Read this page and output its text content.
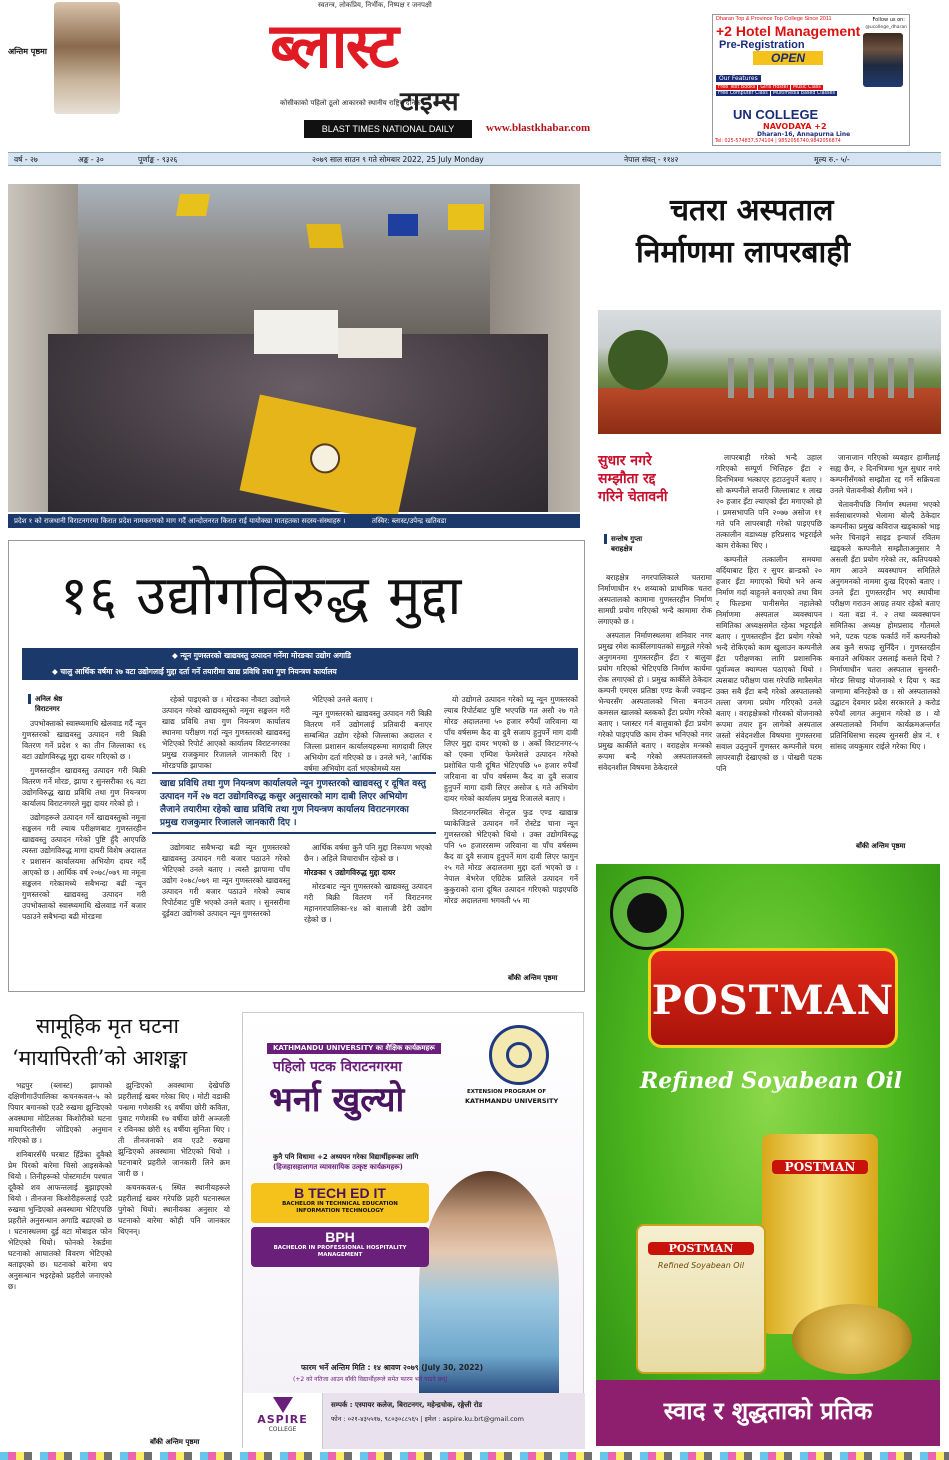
अन्तिम पृष्ठमा
स्वतन्त्र, लोकप्रिय, निर्भीक, निष्पक्ष र जनपक्षी
ब्लास्ट
टाइम्स
कोसीकाको पहिलो ठूलो आकारको स्थानीय राष्ट्रिय दैनिक
BLAST TIMES NATIONAL DAILY	www.blastkhabar.com
Dharan Top & Province Top College Since 2011	Follow us on:
@ucollege_dharan
+2 Hotel Management
Pre-Registration
OPEN
Our Features
Free Text Books	Girls Hostel	Music Class
Free Computer Class	Multimedia based Classes
UN COLLEGE
NAVODAYA +2
Dharan-16, Annapurna Line
Tel: 025-574837,574104 | 9852056740,9842056874
वर्ष - २७	अङ्क - ३०	पूर्णाङ्क - ९३२६	२०७९ साल साउन ९ गते सोमबार 2022, 25 July Monday	नेपाल संवत् - ११४२	मूल्य रु.- ५/-
प्रदेश १ को राजधानी विराटनगरमा किरात प्रदेश नामकरणको माग गर्दै आन्दोलनरत किरात राई यायोक्खा मातहतका सदस्य-संस्थाहरु ।	तस्विर: ब्लास्ट/उपेन्द्र खतिवडा
चतरा अस्पताल
निर्माणमा लापरबाही
सुधार नगरे
सम्झौता रद्द
गरिने चेतावनी
सन्तोष गुप्ता
बराहक्षेत्र

बराहक्षेत्र नगरपालिकाले चतरामा निर्माणाधीन १५ शय्याको प्राथमिक चतरा अस्पतालको कामामा गुणस्तरहीन निर्माण सामग्री प्रयोग गरिएको भन्दै कामामा रोक लगाएको छ ।

अस्पताल निर्माणस्थलमा शनिवार नगर प्रमुख रमेश कार्कीलगायतको समूहले गरेको अनुगमनमा गुणस्तरहीन इँटा र बालुवा प्रयोग गरिएको भेटिएपछि निर्माण कार्यमा रोक लगाएको हो । प्रमुख कार्कीले ठेकेदार कम्पनी एमएस प्रतिष्ठा एण्ड केजी ज्वाइन्ट भेन्चरसँग अस्पतालको भित्ता बनाउन कमसल खालको ब्लकको इँटा प्रयोग गरेको बताए । प्लास्टर गर्न बालुवाको इँटा प्रयोग गरेको पाइएपछि काम रोक्न भनिएको नगर प्रमुख कार्कीले बताए । वराहक्षेत्र मन्त्रको रूपमा बन्दै गरेको अस्पतालजस्तो संवेदनशील विषयमा ठेकेदारले

लापरबाही गरेको भन्दै उहाल गरिएको सम्पूर्ण भित्तिहरु इँटा २ दिनभित्रमा भत्काएर हटाउनुपर्ने बताए । सो कम्पनीले सप्तरी जिल्लाबाट १ लाख २० हजार इँटा ल्याएको इँटा मगाएको हो । प्रमसभापति पनि २०७७ असोज ११ गते पनि लापरबाही गरेको पाइएपछि तत्कालीन वडाध्यक्ष हरिप्रसाद भट्टराईले काम रोकेका थिए ।

कम्पनीले तत्कालीन समयमा वर्दियाबाट हिरा र सुपर ब्रान्डको २० हजार इँटा मगाएको थियो भने अन्य निर्माण गर्दा बाहुनले बनाएको तथा विम र फिल्डमा पानीसमेत नहालेको निर्माणमा अस्पताल व्यवस्थापन समितिका अध्यक्षसमेत रहेका भट्टराईले बताए । गुणस्तरहीन इँटा प्रयोग गरेको भन्दै रोकिएको काम खुलाउन कम्पनीले इँटा परीक्षणका लागि प्रशासनिक पूर्वाञ्चल क्याम्पस पठाएको थियो । त्यसबाट परीक्षण पास गरेपछि मात्रैसमेत उक्त सबै इँटा बन्दै गरेको अस्पतालको तल्ला जगमा प्रयोग गरिएको उनले बताए । वराहक्षेत्रको गौरवको योजनाको रूपमा तयार हुन लागेको अस्पताल जस्तो संवेदनशील विषयमा गुणस्तरमा सवाल उठ्नुपर्ने गुणस्तर कम्पनीले चरम लापरवाही देखाएको छ । पोखरी पटक पनि

जानाजान गरिएको व्यवहार हामीलाई सह्य छैन, २ दिनभित्रमा भूल सुधार नगरे कम्पनीसँगको सम्झौता रद्द गर्ने सक्रियता उनले चेतावनीको शैलीमा भने ।

चेतावनीपछि निर्माण स्थलमा भएको सर्वसाधारणको भेलामा बोल्दै ठेकेदार कम्पनीका प्रमुख कविराज खड्काको भाइ भनेर चिनाइने सा‍इड इन्चार्ज रवितम खड्कले कम्पनीले सम्झौताअनुसार नै असली इँटा प्रयोग गरेको तर, कतिपयको माग आउने व्यवस्थापन समितिले अनुगमनको नाममा दुःख दिएको बताए । उनले इँटा गुणस्तरहीन भए स्थायीमा परीक्षण गराउन आग्रह तयार रहेको बताए । यता वडा नं. २ तथा व्यवस्थापन समितिका अध्यक्ष होमप्रसाद गौतमले भने, पटक पटक फर्काउँ गर्ने कम्पनीको अब कुनै सफाइ सुनिँदैन । गुणस्तरहीन बनाउने अधिकार उसलाई कसले दियो ? निर्माणाधीन चतरा अस्पताल सुनसरी-मोरङ सिचाइ योजनाको १ दिया ९ कड जग्गामा बनिरहेको छ । सो अस्पतालको उद्घाटन देवमार प्रदेश सरकारले ३ करोड रुपैयाँ लागत अनुमान गरेको छ । यो अस्पतालको निर्माण कार्यक्रमअन्तर्गत प्रतिनिधिसभा सदस्य सुनसरी क्षेत्र नं. १ सांसद जयकुमार राईले गरेका थिए ।

बाँकी अन्तिम पृष्ठमा
१६ उद्योगविरुद्ध मुद्दा
◆ न्यून गुणस्तरको खाद्यवस्तु उत्पादन गर्नेमा मोरङका उद्योग अगाडि
◆ चालु आर्थिक वर्षमा २७ वटा उद्योगलाई मुद्दा दर्ता गर्ने तयारीमा खाद्य प्रविधि तथा गुण नियन्त्रण कार्यालय
अनिल श्रेष्ठ
विराटनगर

उपभोक्ताको स्वास्थ्यमाथि खेलवाड गर्दै न्यून गुणस्तरको खाद्यवस्तु उत्पादन गरी बिक्री वितरण गर्ने प्रदेश १ का तीन जिल्लाका १६ वटा उद्योगविरुद्ध मुद्दा दायर गरिएको छ ।

गुणस्तरहीन खाद्यवस्तु उत्पादन गरी बिक्री वितरण गर्ने मोरङ, झापा र सुनसरीका १६ वटा उद्योगविरुद्ध खाद्य प्रविधि तथा गुण नियन्त्रण कार्यालय विराटनगरले मुद्दा दायर गरेको हो ।

उद्योगहरूले उत्पादन गर्ने खाद्यवस्तुको नमूना सङ्कलन गरी ल्याब परीक्षणबाट गुणस्तरहीन खाद्यवस्तु उत्पादन गरेको पुष्टि हुँदै आएपछि त्यस्ता उद्योगविरुद्ध मागा दायरी विशेष अदालत र प्रशासन कार्यालयमा अभियोग दायर गर्दै आएको छ । आर्थिक वर्ष २०७८/०७९ मा नमूना सङ्कलन गरेकामध्ये सबैभन्दा बढी न्यून गुणस्तरको खाद्यवस्तु उत्पादन गरी उपभोक्ताको स्वास्थ्यमाथि खेलवाड गर्ने बजार पठाउने सबैभन्दा बढी मोरङमा

रहेको पाइएको छ । मोरङका नौवटा उद्योगले उत्पादन गरेको खाद्यवस्तुको नमूना सङ्कलन गरी खाद्य प्रविधि तथा गुण नियन्त्रण कार्यालय स्थानमा परीक्षण गर्दा न्यून गुणस्तरको खाद्यवस्तु भेटिएको रिपोर्ट आएको कार्यालय विराटनगरका प्रमुख राजकुमार रिजालले जानकारी दिए । मोरङपछि झापाका

भेटिएको उनले बताए ।

न्यून गुणस्तरको खाद्यवस्तु उत्पादन गरी बिक्री वितरण गर्ने उद्योगलाई प्रतिवादी बनाएर सम्बन्धित उद्योग रहेको जिल्लाका अदालत र जिल्ला प्रशासन कार्यालयहरूमा मागदावी लिएर अभियोग दर्ता गरिएको छ । उनले भने, 'आर्थिक वर्षमा अभियोग दर्ता भएकोमध्ये यस

खाद्य प्रविधि तथा गुण नियन्त्रण कार्यालयले न्यून गुणस्तरको खाद्यवस्तु र दूषित वस्तु उत्पादन गर्ने २७ वटा उद्योगविरुद्ध कसुर अनुसारको माग दाबी लिएर अभियोग लैजाने तयारीमा रहेको खाद्य प्रविधि तथा गुण नियन्त्रण कार्यालय विराटनगरका प्रमुख राजकुमार रिजालले जानकारी दिए ।

उद्योगबाट सबैभन्दा बढी न्यून गुणस्तरको खाद्यवस्तु उत्पादन गरी बजार पठाउने गरेको भेटिएको उनले बताए । त्यस्तै झापामा पाँच उद्योग २०७८/०७९ मा न्यून गुणस्तरको खाद्यवस्तु उत्पादन गरी बजार पठाउने गरेको ल्याब रिपोर्टबाट पुष्टि भएको उनले बताए । सुनसरीमा दुईवटा उद्योगको उत्पादन न्यून गुणस्तरको

आर्थिक वर्षमा कुनै पनि मुद्दा निरूपण भएको छैन । अहिले विचाराधीन रहेको छ ।

मोरङका ९ उद्योगविरुद्ध मुद्दा दायर

मोरङबाट न्यून गुणस्तरको खाद्यवस्तु उत्पादन गरी बिक्री वितरण गर्ने विराटनगर महानगरपालिका-१४ को बालाजी डेरी उद्योग रहेको छ ।

यो उद्योगले उत्पादन गरेको घ्यू न्यून गुणस्तरको ल्याब रिपोर्टबाट पुष्टि भएपछि गत असौ २७ गते मोरङ अदालतमा ५० हजार रुपैयाँ जरिवाना या पाँच वर्षसम्म कैद वा दुवै सजाय हुनुपर्ने माग दावी लिएर मुद्दा दायर भएको छ । अर्को विराटनगर-५ को एक्ना एम्पिश फेमरेशले उत्पादन गरेको प्रशोधित पानी दूषित भेटिएपछि ५० हजार रुपैयाँ जरिवाना वा पाँच वर्षसम्म कैद वा दुवै सजाय हुनुपर्ने मागा दावी लिएर असोज ६ गते अभियोग दायर गरेको कार्यालय प्रमुख रिजालले बताए ।

विराटनगरस्थित सेन्ट्रल फुड एण्ड खाद्यान्न प्याकेजिङले उत्पादन गर्ने रोस्टेड चाना न्यून गुणस्तरको भेटिएको थियो । उक्त उद्योगविरुद्ध पनि ५० हजाररसम्म जरिवाना वा पाँच वर्षसम्म कैद वा दुवै सजाय हुनुपर्ने माग दावी लिएर फागुन २५ गते मोरङ अदालतमा मुद्दा दर्ता भएको छ । नेपाल बेभरेज एग्रिटेक प्रालिले उत्पादन गर्ने कुकुराको दाना दूषित उत्पादन गरिएको पाइएपछि मोरङ अदालतमा भगवती ५५ मा

बाँकी अन्तिम पृष्ठमा
सामूहिक मृत घटना
‘मायापिरती’को आशङ्का

भद्रपुर (ब्लास्ट) झापाको दक्षिणीगाउँपालिका कचनकवल-५ को पियार बगानको एउटै रुखमा झुन्डिएको अवस्थामा मोटिलका किशोरीको घटना मायापिरतीसँग जोडिएको अनुमान गरिएको छ ।

शनिबारसँधै घरबाट हिँडेका दुवैको प्रेम पिरको बारेमा चिसो आइसकेको थियो । तिनीहरूको पोस्टमार्टम पश्चात दूवैको शव आफन्तलाई बुझाइएको थियो । तीनजना किशोरीहरूलाई एउटै रुखमा भुन्डिएको अवस्थामा भेटिएपछि प्रहरीले अनुसन्धान अगाडि बढाएको छ । घटनास्थलमा दुई वटा मोबाइल फोन भेटिएको थियो। फोनको रेकर्डमा घटनाको आघातको विवरण भेटिएको बताइएको छ। घटनाको बारेमा थप अनुसन्धान भइरहेको प्रहरीले जनाएको छ।

झुन्डिएको अवस्थामा देखेपछि प्रहरीलाई खबर गरेका थिए । मोटी वडाकी पन्ध्रमा गणेशकी १६ वर्षीया छोरी कविता, पुवाट गणेशकी १७ वर्षीया छोरी अञ्जली र रविनका छोरी १६ वर्षीया सुनिता थिए । ती तीनजनाको शव एउटै रुखमा झुन्डिएको अवस्थामा भेटिएको थियो । घटनाबारे प्रहरीले जानकारी लिने क्रम जारी छ ।

कचनकवल-६ स्थित स्थानीयहरूले प्रहरीलाई खबर गरेपछि प्रहरी घटनास्थल पुगेको थियो। स्थानीयका अनुसार यो घटनाको बारेमा कोही पनि जानकार थिएनन्।

बाँकी अन्तिम पृष्ठमा
KATHMANDU UNIVERSITY का शैक्षिक कार्यक्रमहरू
पहिलो पटक विराटनगरमा
भर्ना खुल्यो	EXTENSION PROGRAM OF
KATHMANDU UNIVERSITY
कुनै पनि विधामा +2 अध्ययन गरेका विद्यार्थीहरूका लागि
(हिजहासहालागत व्यावसायिक उत्कृष्ट कार्यक्रमहरू)
B TECH ED IT
BACHELOR IN TECHNICAL EDUCATION INFORMATION TECHNOLOGY
BPH
BACHELOR IN PROFESSIONAL HOSPITALITY MANAGEMENT
फारम भर्ने अन्तिम मिति : १४ श्रावण २०७९ (July 30, 2022)
(+2 को नतिजा आउन बाँकी विद्यार्थीहरूले समेत फारम भर्न पाउने छन्)
ASPIRE
COLLEGE
सम्पर्क : एस्पायर कलेज, बिराटनगर, महेन्द्रचोक, रङ्गेली रोड
फोन : ०२१-४३५५१७, ९८०३०८८५६५ | इमेल : aspire.ku.brt@gmail.com
POSTMAN
Refined Soyabean Oil
POSTMAN
POSTMAN
Refined Soyabean Oil
स्वाद र शुद्धताको प्रतिक
